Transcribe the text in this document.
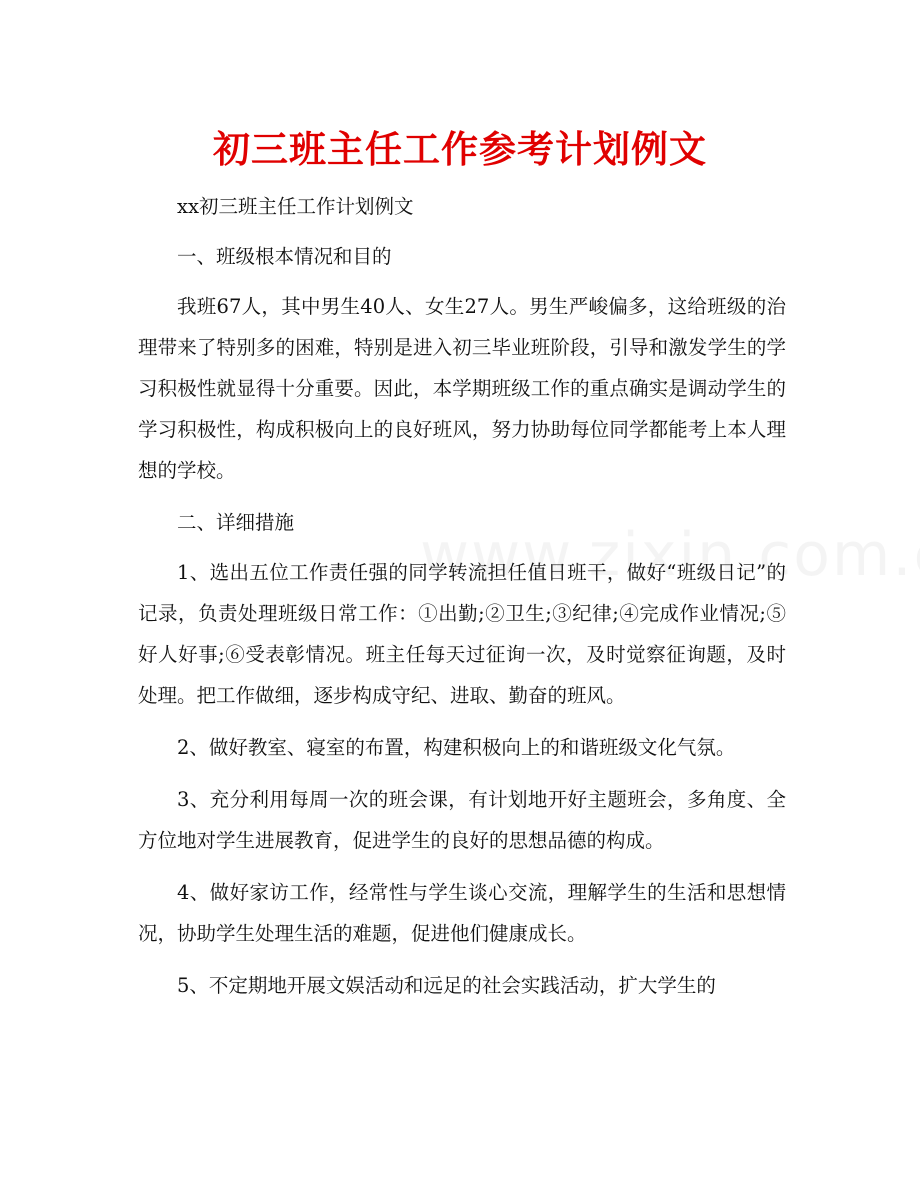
初三班主任工作参考计划例文

xx初三班主任工作计划例文

一、班级根本情况和目的

我班67人，其中男生40人、女生27人。男生严峻偏多，这给班级的治理带来了特别多的困难，特别是进入初三毕业班阶段，引导和激发学生的学习积极性就显得十分重要。因此，本学期班级工作的重点确实是调动学生的学习积极性，构成积极向上的良好班风，努力协助每位同学都能考上本人理想的学校。

二、详细措施

1、选出五位工作责任强的同学转流担任值日班干，做好“班级日记”的记录，负责处理班级日常工作：①出勤;②卫生;③纪律;④完成作业情况;⑤好人好事;⑥受表彰情况。班主任每天过征询一次，及时觉察征询题，及时处理。把工作做细，逐步构成守纪、进取、勤奋的班风。

2、做好教室、寝室的布置，构建积极向上的和谐班级文化气氛。

3、充分利用每周一次的班会课，有计划地开好主题班会，多角度、全方位地对学生进展教育，促进学生的良好的思想品德的构成。

4、做好家访工作，经常性与学生谈心交流，理解学生的生活和思想情况，协助学生处理生活的难题，促进他们健康成长。

5、不定期地开展文娱活动和远足的社会实践活动，扩大学生的
